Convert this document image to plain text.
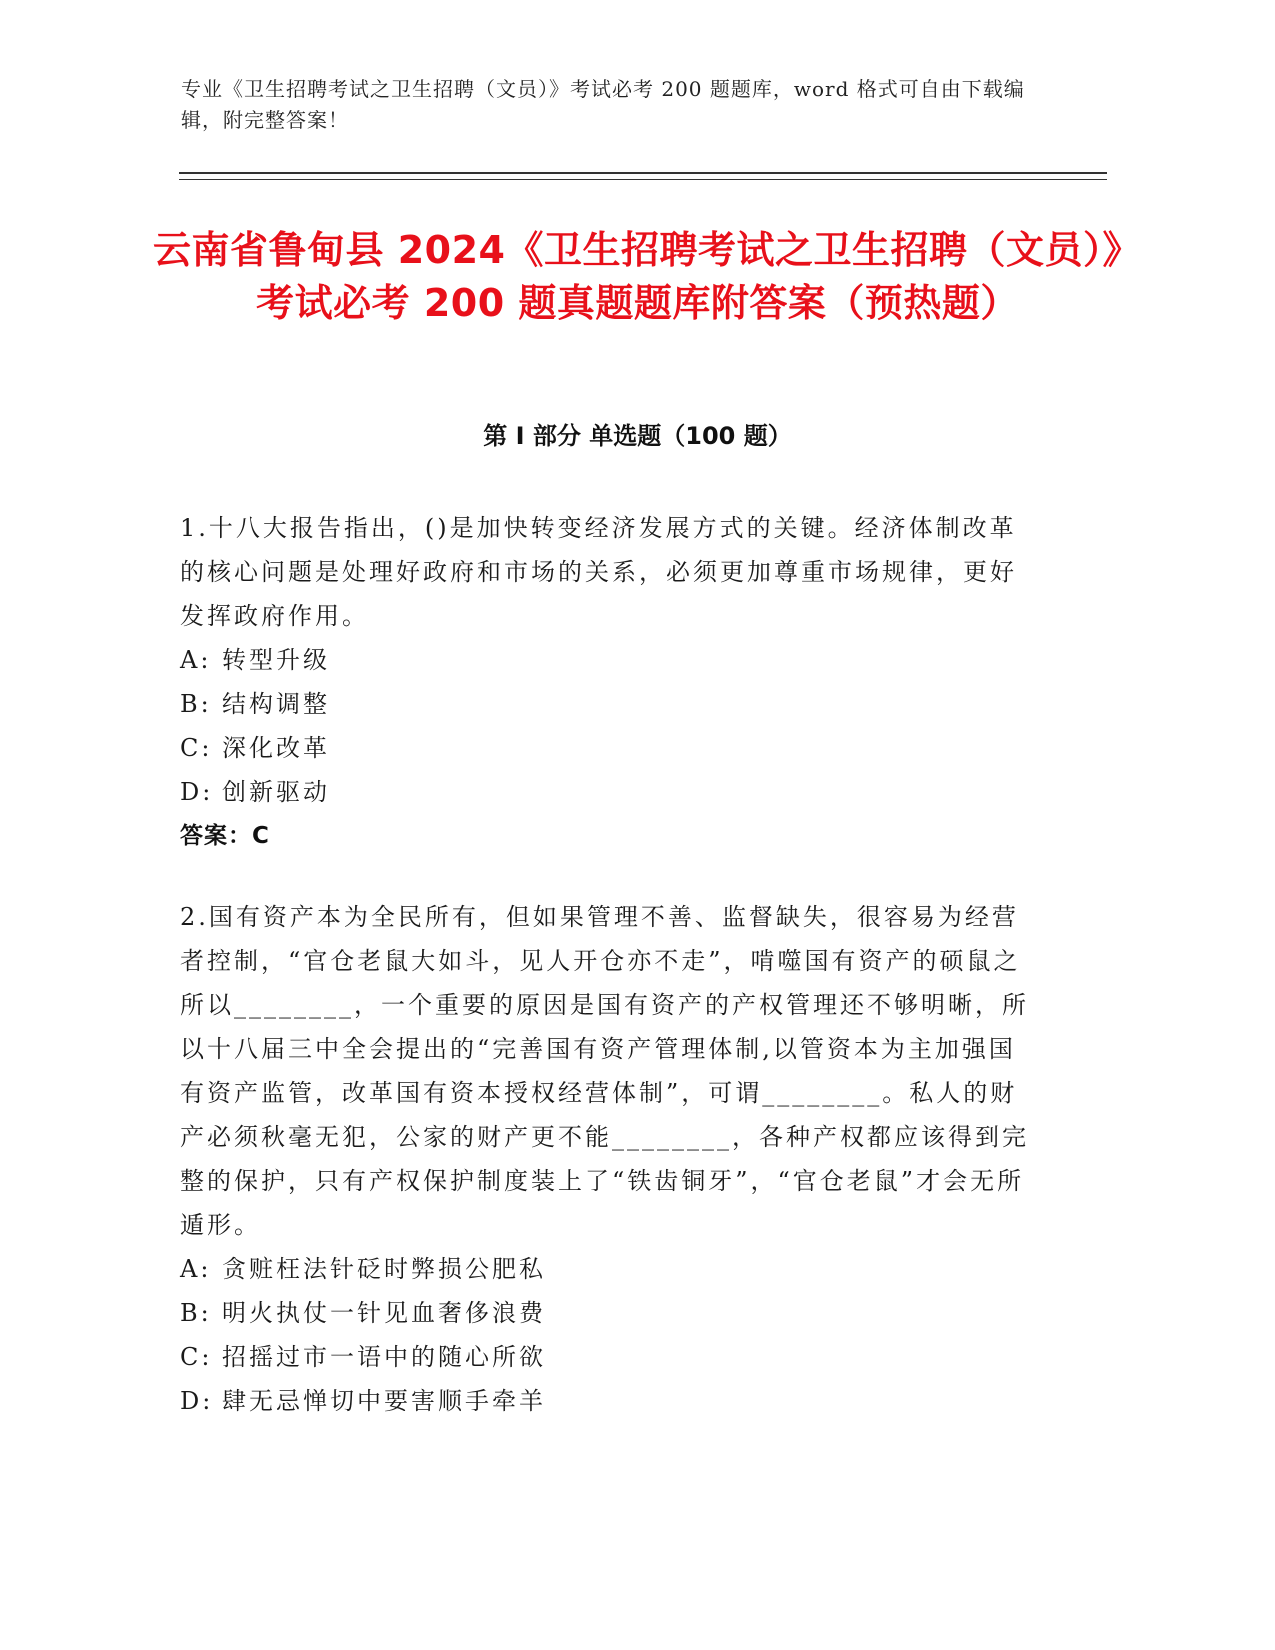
专业《卫生招聘考试之卫生招聘（文员）》考试必考 200 题题库，word 格式可自由下载编辑，附完整答案！
云南省鲁甸县 2024《卫生招聘考试之卫生招聘（文员）》考试必考 200 题真题题库附答案（预热题）
第 I 部分 单选题（100 题）

1.十八大报告指出，()是加快转变经济发展方式的关键。经济体制改革的核心问题是处理好政府和市场的关系，必须更加尊重市场规律，更好发挥政府作用。

A: 转型升级

B: 结构调整

C: 深化改革

D: 创新驱动

答案：C

2.国有资产本为全民所有，但如果管理不善、监督缺失，很容易为经营者控制，“官仓老鼠大如斗，见人开仓亦不走”，啃噬国有资产的硕鼠之所以________，一个重要的原因是国有资产的产权管理还不够明晰，所以十八届三中全会提出的“完善国有资产管理体制,以管资本为主加强国有资产监管，改革国有资本授权经营体制”，可谓________。私人的财产必须秋毫无犯，公家的财产更不能________，各种产权都应该得到完整的保护，只有产权保护制度装上了“铁齿铜牙”，“官仓老鼠”才会无所遁形。

A: 贪赃枉法针砭时弊损公肥私

B: 明火执仗一针见血奢侈浪费

C: 招摇过市一语中的随心所欲

D: 肆无忌惮切中要害顺手牵羊
